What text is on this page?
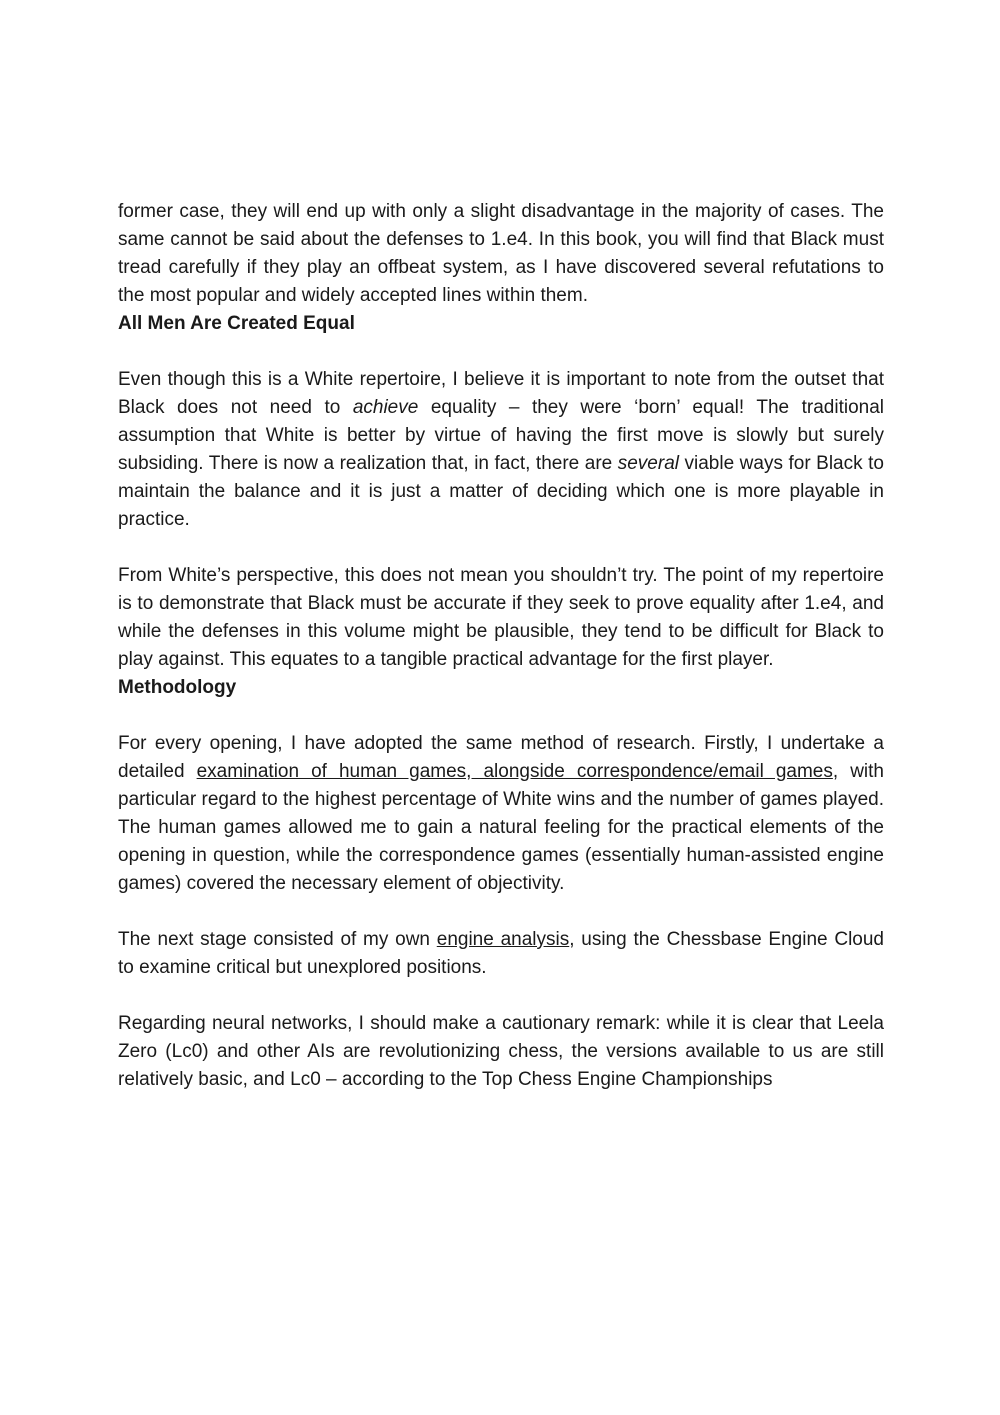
former case, they will end up with only a slight disadvantage in the majority of cases. The same cannot be said about the defenses to 1.e4. In this book, you will find that Black must tread carefully if they play an offbeat system, as I have discovered several refutations to the most popular and widely accepted lines within them.

All Men Are Created Equal

Even though this is a White repertoire, I believe it is important to note from the outset that Black does not need to achieve equality – they were ‘born’ equal! The traditional assumption that White is better by virtue of having the first move is slowly but surely subsiding. There is now a realization that, in fact, there are several viable ways for Black to maintain the balance and it is just a matter of deciding which one is more playable in practice.

From White’s perspective, this does not mean you shouldn’t try. The point of my repertoire is to demonstrate that Black must be accurate if they seek to prove equality after 1.e4, and while the defenses in this volume might be plausible, they tend to be difficult for Black to play against. This equates to a tangible practical advantage for the first player.

Methodology

For every opening, I have adopted the same method of research. Firstly, I undertake a detailed examination of human games, alongside correspondence/email games, with particular regard to the highest percentage of White wins and the number of games played. The human games allowed me to gain a natural feeling for the practical elements of the opening in question, while the correspondence games (essentially human-assisted engine games) covered the necessary element of objectivity.

The next stage consisted of my own engine analysis, using the Chessbase Engine Cloud to examine critical but unexplored positions.

Regarding neural networks, I should make a cautionary remark: while it is clear that Leela Zero (Lc0) and other AIs are revolutionizing chess, the versions available to us are still relatively basic, and Lc0 – according to the Top Chess Engine Championships
